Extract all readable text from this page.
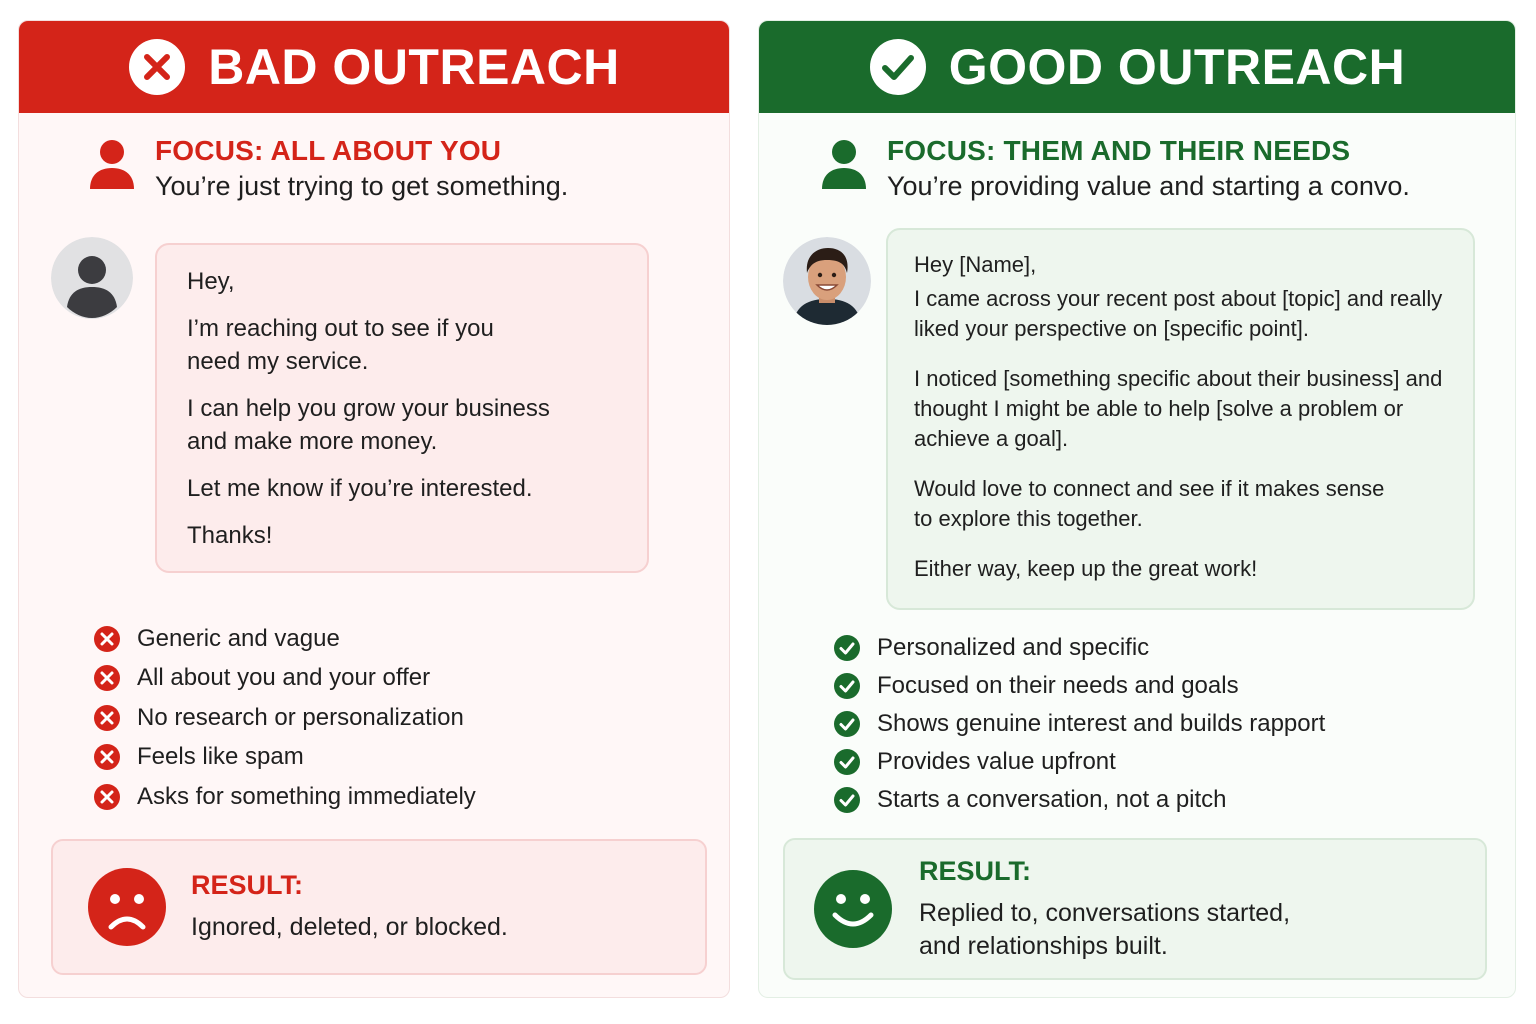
BAD OUTREACH
FOCUS: ALL ABOUT YOU
You’re just trying to get something.

Hey,

I’m reaching out to see if you need my service.

I can help you grow your business and make more money.

Let me know if you’re interested.

Thanks!

Generic and vague
All about you and your offer
No research or personalization
Feels like spam
Asks for something immediately
RESULT:
Ignored, deleted, or blocked.
GOOD OUTREACH
FOCUS: THEM AND THEIR NEEDS
You’re providing value and starting a convo.

Hey [Name],

I came across your recent post about [topic] and really liked your perspective on [specific point].

I noticed [something specific about their business] and thought I might be able to help [solve a problem or achieve a goal].

Would love to connect and see if it makes sense to explore this together.

Either way, keep up the great work!

Personalized and specific
Focused on their needs and goals
Shows genuine interest and builds rapport
Provides value upfront
Starts a conversation, not a pitch
RESULT:
Replied to, conversations started, and relationships built.
